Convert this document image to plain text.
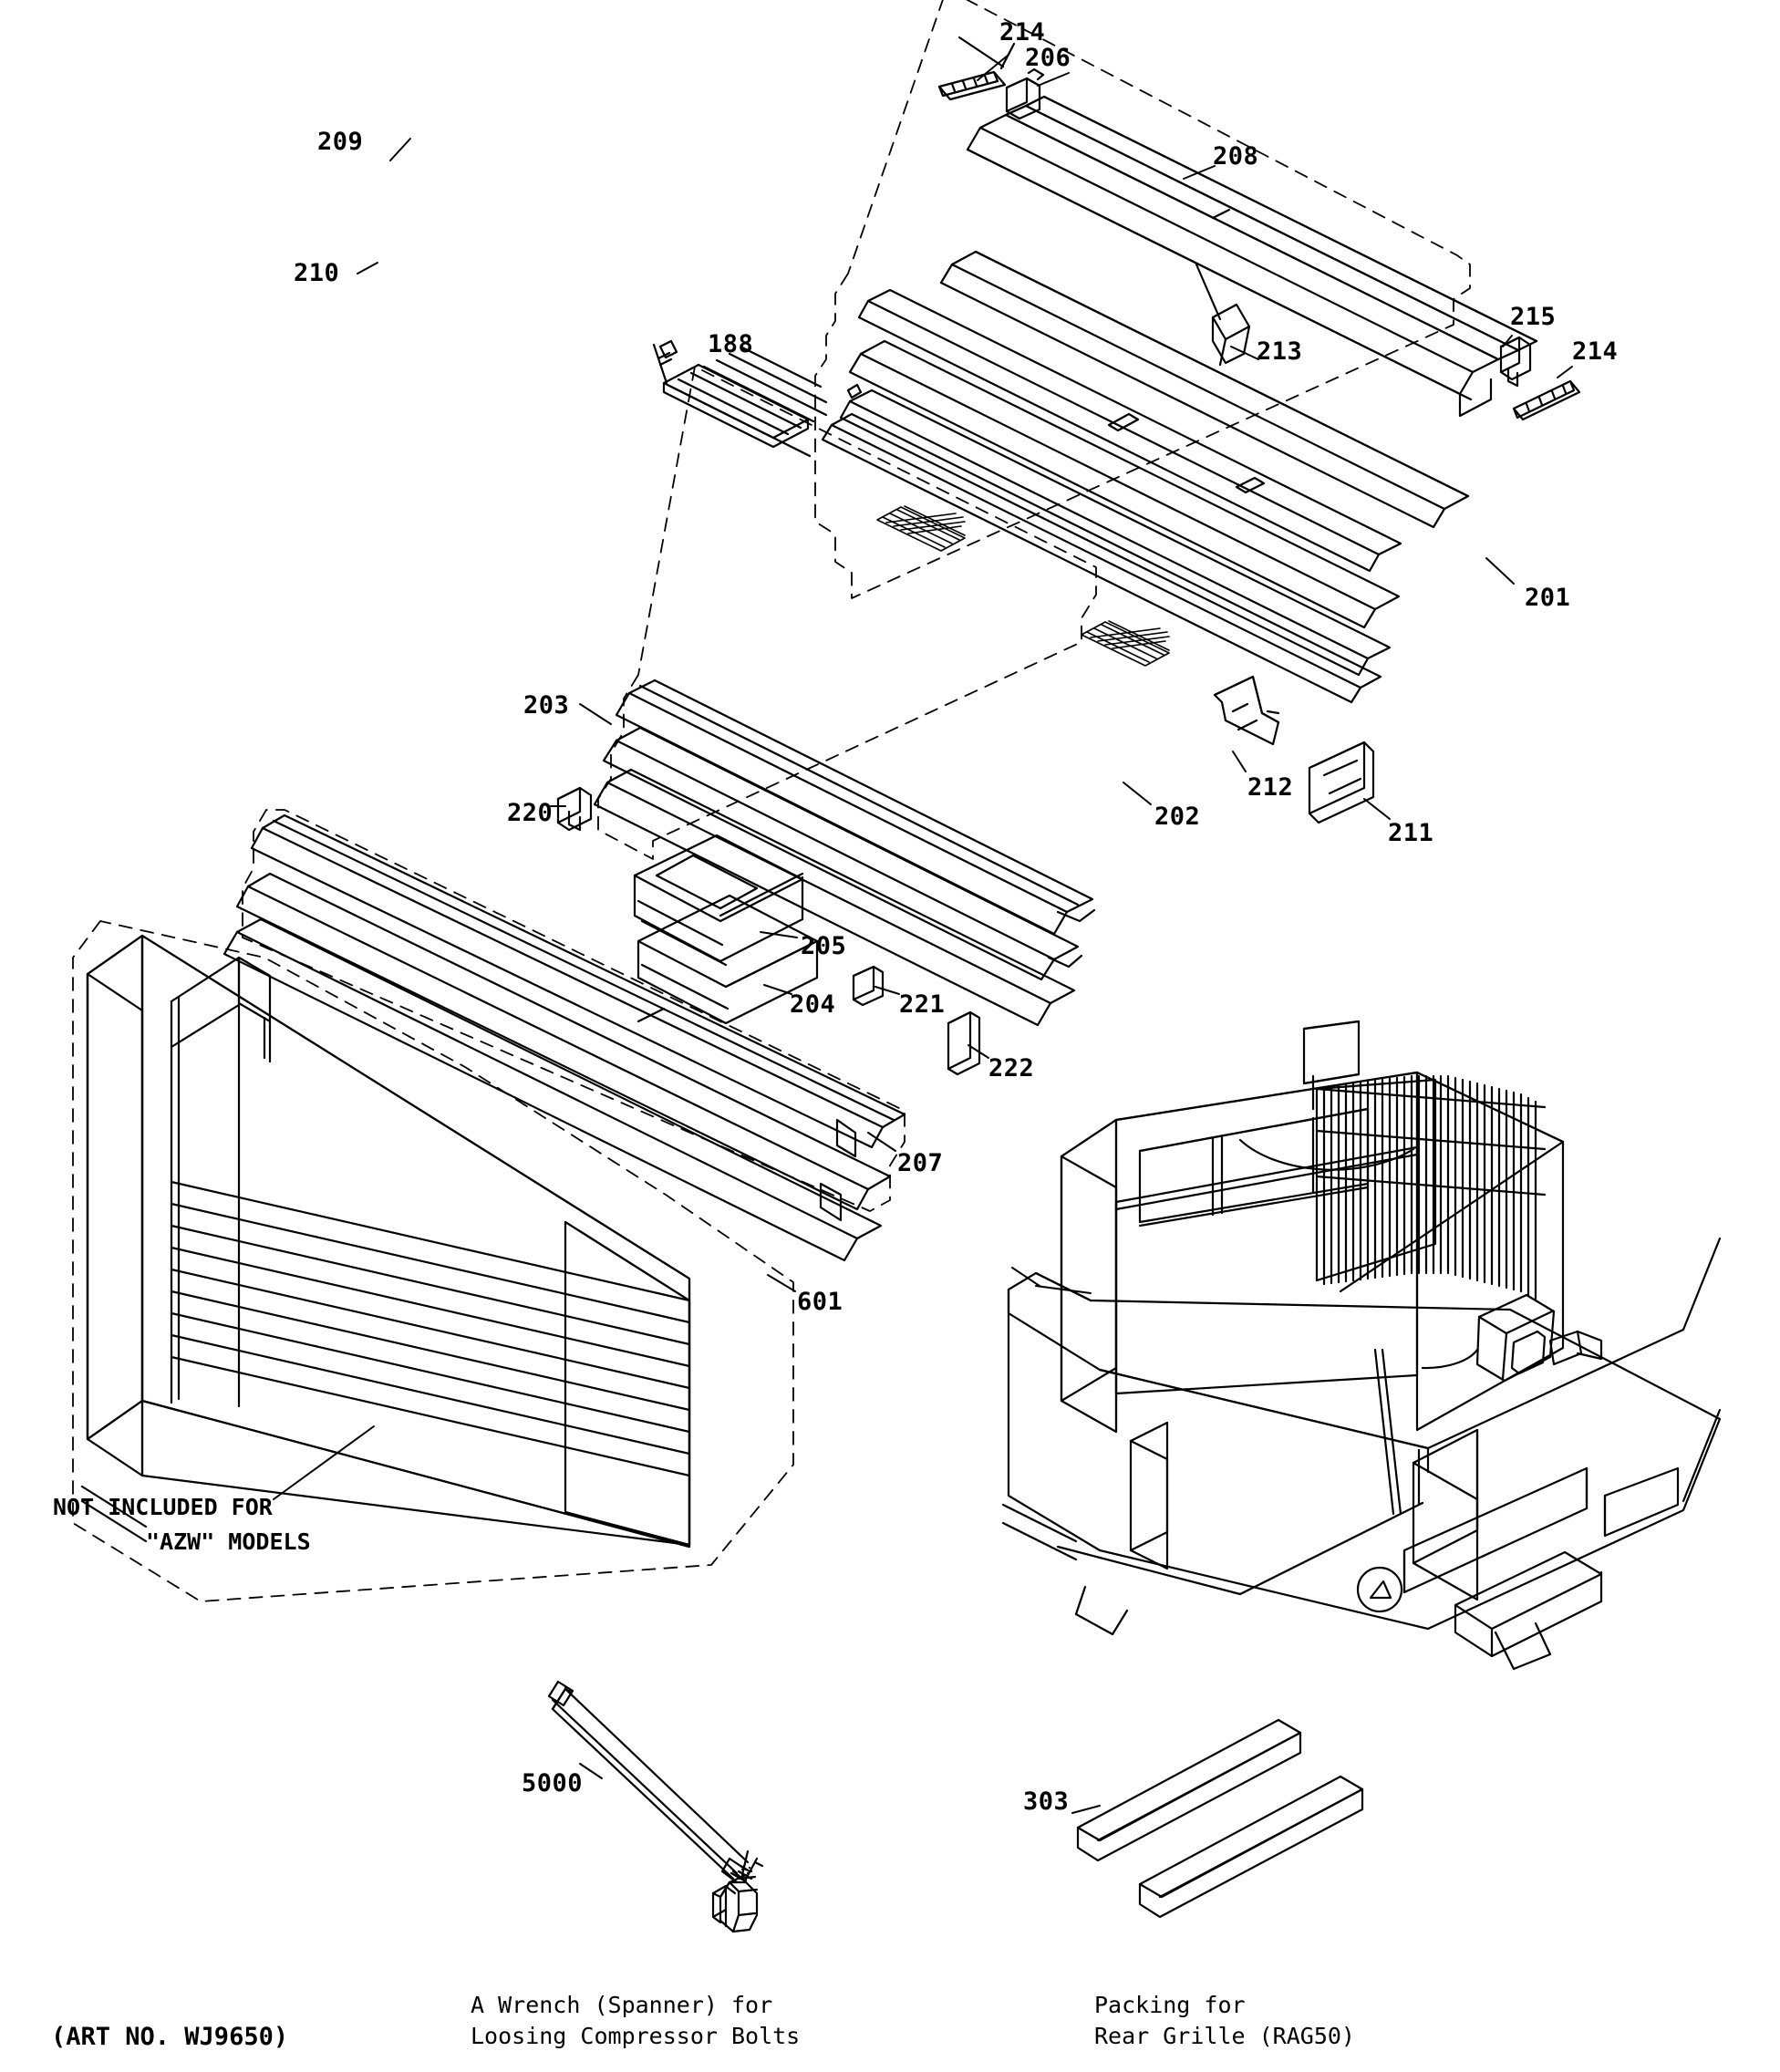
214
206
208
209
210
213
215
214
188
201
203
212
202
211
220
205
204	221
222
207
601
5000
303
NOT INCLUDED FOR
"AZW" MODELS
A Wrench (Spanner) for
Loosing Compressor Bolts
Packing for
Rear Grille (RAG50)
(ART NO. WJ9650)
